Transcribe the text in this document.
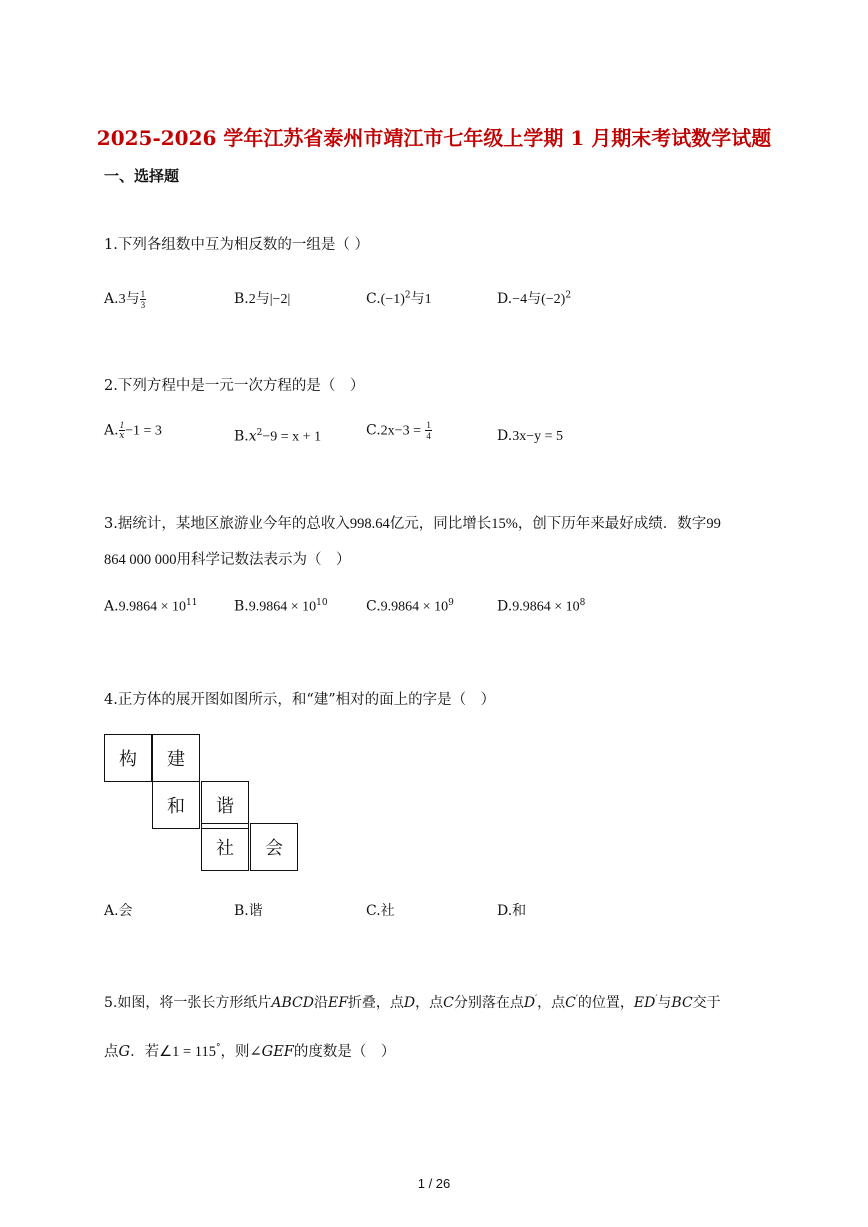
2025-2026 学年江苏省泰州市靖江市七年级上学期 1 月期末考试数学试题
一、选择题
1.下列各组数中互为相反数的一组是（ ）
A.3与 $\frac{1}{3}$	B.2与|−2|	$C.(-1)^2$与1	D.−4与$(-2)^2$
2.下列方程中是一元一次方程的是（　）
A. $\frac{1}{x} -1 = 3$	$B.x^2-9 = x + 1$	$C.2x-3 = \frac{1}{4}$	D.3x−y = 5
3.据统计，某地区旅游业今年的总收入998.64亿元，同比增长15%，创下历年来最好成绩．数字99
864 000 000用科学记数法表示为（　）
$A.9.9864 \times 10^{11}$	$B.9.9864 \times 10^{10}$	$C.9.9864 \times 10^9$	$D.9.9864 \times 10^8$
4.正方体的展开图如图所示，和“建”相对的面上的字是（　）
构	建
和	谐
社	会
A.会	B.谐	C.社	D.和
5.如图，将一张长方形纸片ABCD沿EF折叠，点D，点C分别落在点D′，点C′的位置，ED′与BC交于
点G．若∠1 = 115°，则∠GEF的度数是（　）
1 / 26
